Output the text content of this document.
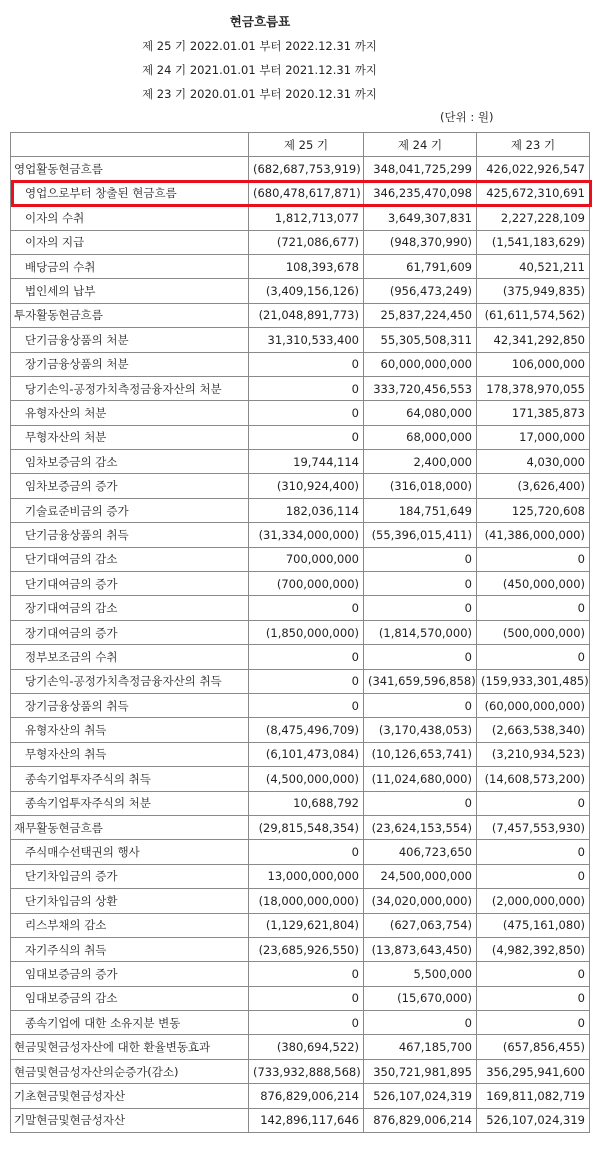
현금흐름표
제 25 기 2022.01.01 부터 2022.12.31 까지
제 24 기 2021.01.01 부터 2021.12.31 까지
제 23 기 2020.01.01 부터 2020.12.31 까지
(단위 : 원)
	제 25 기	제 24 기	제 23 기
영업활동현금흐름	(682,687,753,919)	348,041,725,299	426,022,926,547
영업으로부터 창출된 현금흐름	(680,478,617,871)	346,235,470,098	425,672,310,691
이자의 수취	1,812,713,077	3,649,307,831	2,227,228,109
이자의 지급	(721,086,677)	(948,370,990)	(1,541,183,629)
배당금의 수취	108,393,678	61,791,609	40,521,211
법인세의 납부	(3,409,156,126)	(956,473,249)	(375,949,835)
투자활동현금흐름	(21,048,891,773)	25,837,224,450	(61,611,574,562)
단기금융상품의 처분	31,310,533,400	55,305,508,311	42,341,292,850
장기금융상품의 처분	0	60,000,000,000	106,000,000
당기손익-공정가치측정금융자산의 처분	0	333,720,456,553	178,378,970,055
유형자산의 처분	0	64,080,000	171,385,873
무형자산의 처분	0	68,000,000	17,000,000
임차보증금의 감소	19,744,114	2,400,000	4,030,000
임차보증금의 증가	(310,924,400)	(316,018,000)	(3,626,400)
기술료준비금의 증가	182,036,114	184,751,649	125,720,608
단기금융상품의 취득	(31,334,000,000)	(55,396,015,411)	(41,386,000,000)
단기대여금의 감소	700,000,000	0	0
단기대여금의 증가	(700,000,000)	0	(450,000,000)
장기대여금의 감소	0	0	0
장기대여금의 증가	(1,850,000,000)	(1,814,570,000)	(500,000,000)
정부보조금의 수취	0	0	0
당기손익-공정가치측정금융자산의 취득	0	(341,659,596,858)	(159,933,301,485)
장기금융상품의 취득	0	0	(60,000,000,000)
유형자산의 취득	(8,475,496,709)	(3,170,438,053)	(2,663,538,340)
무형자산의 취득	(6,101,473,084)	(10,126,653,741)	(3,210,934,523)
종속기업투자주식의 취득	(4,500,000,000)	(11,024,680,000)	(14,608,573,200)
종속기업투자주식의 처분	10,688,792	0	0
재무활동현금흐름	(29,815,548,354)	(23,624,153,554)	(7,457,553,930)
주식매수선택권의 행사	0	406,723,650	0
단기차입금의 증가	13,000,000,000	24,500,000,000	0
단기차입금의 상환	(18,000,000,000)	(34,020,000,000)	(2,000,000,000)
리스부채의 감소	(1,129,621,804)	(627,063,754)	(475,161,080)
자기주식의 취득	(23,685,926,550)	(13,873,643,450)	(4,982,392,850)
임대보증금의 증가	0	5,500,000	0
임대보증금의 감소	0	(15,670,000)	0
종속기업에 대한 소유지분 변동	0	0	0
현금및현금성자산에 대한 환율변동효과	(380,694,522)	467,185,700	(657,856,455)
현금및현금성자산의순증가(감소)	(733,932,888,568)	350,721,981,895	356,295,941,600
기초현금및현금성자산	876,829,006,214	526,107,024,319	169,811,082,719
기말현금및현금성자산	142,896,117,646	876,829,006,214	526,107,024,319
